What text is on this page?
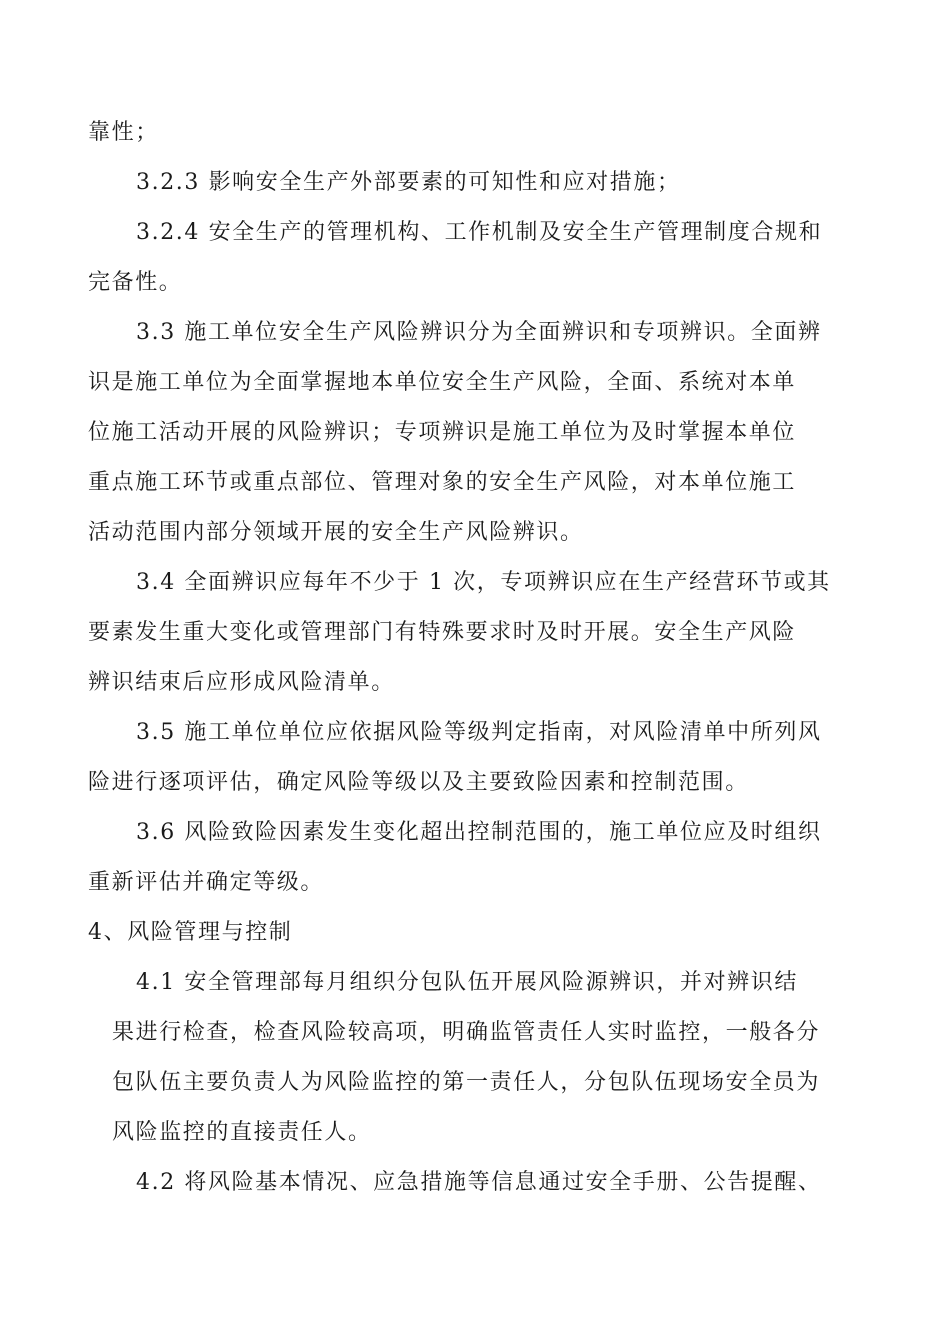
靠性；
3.2.3 影响安全生产外部要素的可知性和应对措施；
3.2.4 安全生产的管理机构、工作机制及安全生产管理制度合规和
完备性。
3.3 施工单位安全生产风险辨识分为全面辨识和专项辨识。全面辨
识是施工单位为全面掌握地本单位安全生产风险，全面、系统对本单
位施工活动开展的风险辨识；专项辨识是施工单位为及时掌握本单位
重点施工环节或重点部位、管理对象的安全生产风险，对本单位施工
活动范围内部分领域开展的安全生产风险辨识。
3.4 全面辨识应每年不少于 1 次，专项辨识应在生产经营环节或其
要素发生重大变化或管理部门有特殊要求时及时开展。安全生产风险
辨识结束后应形成风险清单。
3.5 施工单位单位应依据风险等级判定指南，对风险清单中所列风
险进行逐项评估，确定风险等级以及主要致险因素和控制范围。
3.6 风险致险因素发生变化超出控制范围的，施工单位应及时组织
重新评估并确定等级。
4、风险管理与控制
4.1 安全管理部每月组织分包队伍开展风险源辨识，并对辨识结
果进行检查，检查风险较高项，明确监管责任人实时监控，一般各分
包队伍主要负责人为风险监控的第一责任人，分包队伍现场安全员为
风险监控的直接责任人。
4.2 将风险基本情况、应急措施等信息通过安全手册、公告提醒、
